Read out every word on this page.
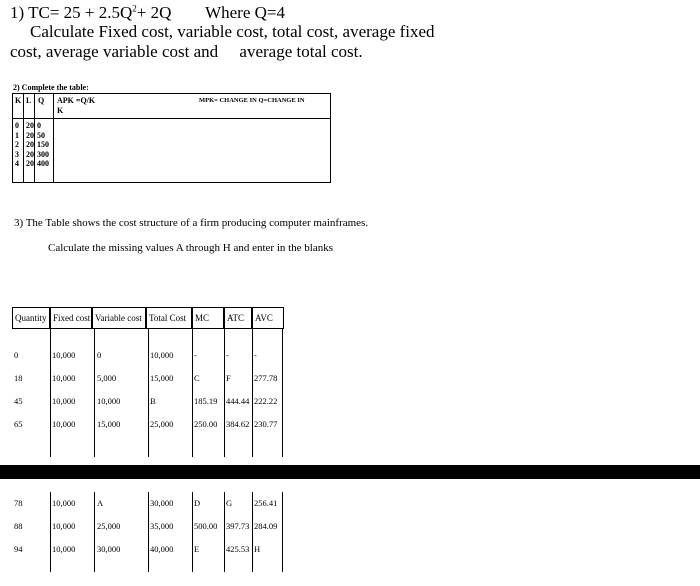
1) $TC= 25 + 2.5Q^2+ 2Q$        Where Q=4
Calculate Fixed cost, variable cost, total cost, average fixed
cost, average variable cost and     average total cost.
2) Complete the table:
K L Q APK =Q/K
K
MPK= CHANGE IN Q=CHANGE IN
0 20 0
1 20 50
2 20 150
3 20 300
4 20 400
3) The Table shows the cost structure of a firm producing computer mainframes.
Calculate the missing values A through H and enter in the blanks
Quantity Fixed cost Variable cost Total Cost MC	ATC	AVC
0	10,000	0	10,000 -	-	-
18	10,000	5,000	15,000 C	F	277.78
45	10,000	10,000	B	185.19 444.44 222.22
65	10,000	15,000	25,000 250.00 384.62 230.77
78	10,000	A	30,000 D	G	256.41
88	10,000	25,000	35,000 500.00 397.73 284.09
94	10,000	30,000	40,000 E	425.53 H
